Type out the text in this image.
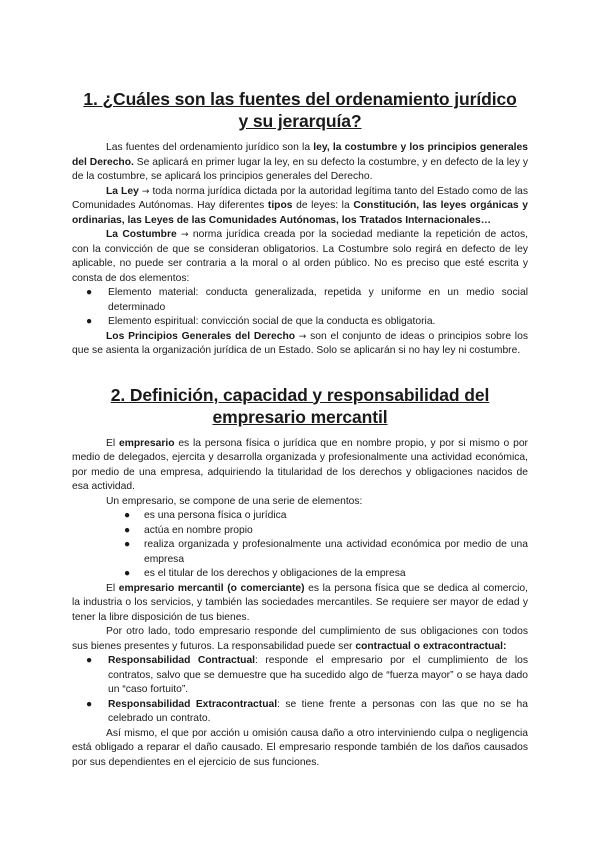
1. ¿Cuáles son las fuentes del ordenamiento jurídico
y su jerarquía?

Las fuentes del ordenamiento jurídico son la ley, la costumbre y los principios generales del Derecho. Se aplicará en primer lugar la ley, en su defecto la costumbre, y en defecto de la ley y de la costumbre, se aplicará los principios generales del Derecho.

La Ley → toda norma jurídica dictada por la autoridad legítima tanto del Estado como de las Comunidades Autónomas. Hay diferentes tipos de leyes: la Constitución, las leyes orgánicas y ordinarias, las Leyes de las Comunidades Autónomas, los Tratados Internacionales…

La Costumbre → norma jurídica creada por la sociedad mediante la repetición de actos, con la convicción de que se consideran obligatorios. La Costumbre solo regirá en defecto de ley aplicable, no puede ser contraria a la moral o al orden público. No es preciso que esté escrita y consta de dos elementos:

● Elemento material: conducta generalizada, repetida y uniforme en un medio social determinado
● Elemento espiritual: convicción social de que la conducta es obligatoria.

Los Principios Generales del Derecho → son el conjunto de ideas o principios sobre los que se asienta la organización jurídica de un Estado. Solo se aplicarán si no hay ley ni costumbre.

2. Definición, capacidad y responsabilidad del
empresario mercantil

El empresario es la persona física o jurídica que en nombre propio, y por si mismo o por medio de delegados, ejercita y desarrolla organizada y profesionalmente una actividad económica, por medio de una empresa, adquiriendo la titularidad de los derechos y obligaciones nacidos de esa actividad.

Un empresario, se compone de una serie de elementos:

● es una persona física o jurídica
● actúa en nombre propio
● realiza organizada y profesionalmente una actividad económica por medio de una empresa
● es el titular de los derechos y obligaciones de la empresa

El empresario mercantil (o comerciante) es la persona física que se dedica al comercio, la industria o los servicios, y también las sociedades mercantiles. Se requiere ser mayor de edad y tener la libre disposición de tus bienes.

Por otro lado, todo empresario responde del cumplimiento de sus obligaciones con todos sus bienes presentes y futuros. La responsabilidad puede ser contractual o extracontractual:

● Responsabilidad Contractual: responde el empresario por el cumplimiento de los contratos, salvo que se demuestre que ha sucedido algo de “fuerza mayor” o se haya dado un “caso fortuito”.
● Responsabilidad Extracontractual: se tiene frente a personas con las que no se ha celebrado un contrato.

Así mismo, el que por acción u omisión causa daño a otro interviniendo culpa o negligencia está obligado a reparar el daño causado. El empresario responde también de los daños causados por sus dependientes en el ejercicio de sus funciones.
